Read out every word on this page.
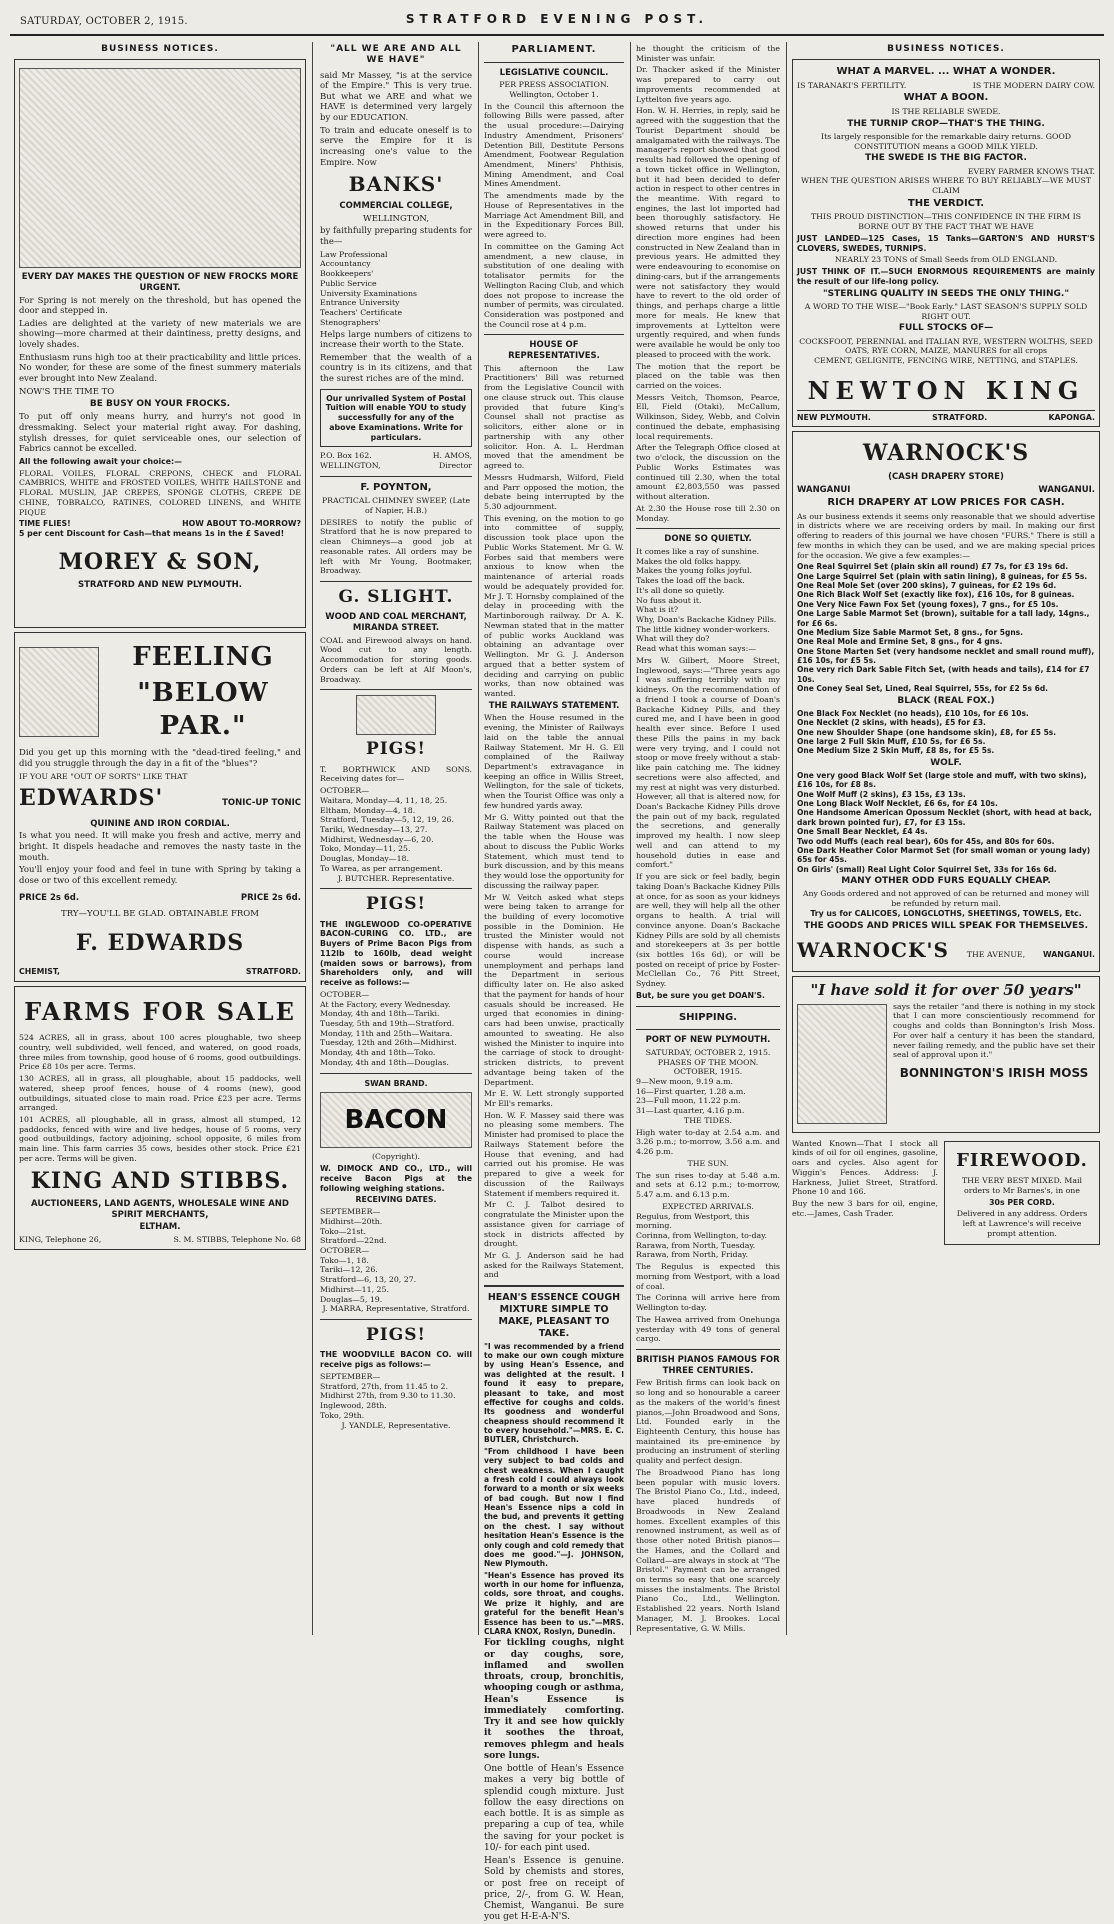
SATURDAY, OCTOBER 2, 1915.	STRATFORD EVENING POST.
BUSINESS NOTICES.
EVERY DAY MAKES THE QUESTION OF NEW FROCKS MORE URGENT.

For Spring is not merely on the threshold, but has opened the door and stepped in.

Ladies are delighted at the variety of new materials we are showing—more charmed at their daintiness, pretty designs, and lovely shades.

Enthusiasm runs high too at their practicability and little prices. No wonder, for these are some of the finest summery materials ever brought into New Zealand.

NOW'S THE TIME TO
BE BUSY ON YOUR FROCKS.

To put off only means hurry, and hurry's not good in dressmaking. Select your material right away. For dashing, stylish dresses, for quiet serviceable ones, our selection of Fabrics cannot be excelled.

All the following await your choice:—

FLORAL VOILES, FLORAL CREPONS, CHECK and FLORAL CAMBRICS, WHITE and FROSTED VOILES, WHITE HAILSTONE and FLORAL MUSLIN, JAP. CREPES, SPONGE CLOTHS, CREPE DE CHINE, TOBRALCO, RATINES, COLORED LINENS, and WHITE PIQUE

TIME FLIES!	HOW ABOUT TO-MORROW?
5 per cent Discount for Cash—that means 1s in the £ Saved!
MOREY & SON,
STRATFORD AND NEW PLYMOUTH.
FEELING
"BELOW PAR."

Did you get up this morning with the "dead-tired feeling," and did you struggle through the day in a fit of the "blues"?

IF YOU ARE "OUT OF SORTS" LIKE THAT
EDWARDS'	TONIC-UP TONIC
QUININE AND IRON CORDIAL.

Is what you need. It will make you fresh and active, merry and bright. It dispels headache and removes the nasty taste in the mouth.

You'll enjoy your food and feel in tune with Spring by taking a dose or two of this excellent remedy.

PRICE 2s 6d.	PRICE 2s 6d.
TRY—YOU'LL BE GLAD. OBTAINABLE FROM
F. EDWARDS
CHEMIST,	STRATFORD.
FARMS FOR SALE

524 ACRES, all in grass, about 100 acres ploughable, two sheep country, well subdivided, well fenced, and watered, on good roads, three miles from township, good house of 6 rooms, good outbuildings. Price £8 10s per acre. Terms.

130 ACRES, all in grass, all ploughable, about 15 paddocks, well watered, sheep proof fences, house of 4 rooms (new), good outbuildings, situated close to main road. Price £23 per acre. Terms arranged.

101 ACRES, all ploughable, all in grass, almost all stumped, 12 paddocks, fenced with wire and live hedges, house of 5 rooms, very good outbuildings, factory adjoining, school opposite, 6 miles from main line. This farm carries 35 cows, besides other stock. Price £21 per acre. Terms will be given.

KING AND STIBBS.
AUCTIONEERS, LAND AGENTS, WHOLESALE WINE AND SPIRIT MERCHANTS,
ELTHAM.
KING, Telephone 26,	S. M. STIBBS, Telephone No. 68
"ALL WE ARE AND ALL WE HAVE"

said Mr Massey, "is at the service of the Empire." This is very true. But what we ARE and what we HAVE is determined very largely by our EDUCATION.

To train and educate oneself is to serve the Empire for it is increasing one's value to the Empire. Now

BANKS'
COMMERCIAL COLLEGE,
WELLINGTON,

by faithfully preparing students for the—

Law Professional
Accountancy
Bookkeepers'
Public Service
University Examinations
Entrance University
Teachers' Certificate
Stenographers'

Helps large numbers of citizens to increase their worth to the State.

Remember that the wealth of a country is in its citizens, and that the surest riches are of the mind.

Our unrivalled System of Postal Tuition will enable YOU to study successfully for any of the above Examinations. Write for particulars.
P.O. Box 162.	H. AMOS,
WELLINGTON,	Director
F. POYNTON,
PRACTICAL CHIMNEY SWEEP, (Late of Napier, H.B.)

DESIRES to notify the public of Stratford that he is now prepared to clean Chimneys—a good job at reasonable rates. All orders may be left with Mr Young, Bootmaker, Broadway.

G. SLIGHT.
WOOD AND COAL MERCHANT, MIRANDA STREET.

COAL and Firewood always on hand. Wood cut to any length. Accommodation for storing goods. Orders can be left at Alf Moon's, Broadway.

PIGS!

T. BORTHWICK AND SONS. Receiving dates for—

OCTOBER—
Waitara, Monday—4, 11, 18, 25.
Eltham, Monday—4, 18.
Stratford, Tuesday—5, 12, 19, 26.
Tariki, Wednesday—13, 27.
Midhirst, Wednesday—6, 20.
Toko, Monday—11, 25.
Douglas, Monday—18.
To Warea, as per arrangement.
J. BUTCHER. Representative.
PIGS!

THE INGLEWOOD CO-OPERATIVE BACON-CURING CO. LTD., are Buyers of Prime Bacon Pigs from 112lb to 160lb, dead weight (maiden sows or barrows), from Shareholders only, and will receive as follows:—

OCTOBER—
At the Factory, every Wednesday.
Monday, 4th and 18th—Tariki.
Tuesday, 5th and 19th—Stratford.
Monday, 11th and 25th—Waitara.
Tuesday, 12th and 26th—Midhirst.
Monday, 4th and 18th—Toko.
Monday, 4th and 18th—Douglas.
SWAN BRAND.
BACON
(Copyright).

W. DIMOCK AND CO., LTD., will receive Bacon Pigs at the following weighing stations.

RECEIVING DATES.
SEPTEMBER—
Midhirst—20th.
Toko—21st.
Stratford—22nd.
OCTOBER—
Toko—1, 18.
Tariki—12, 26.
Stratford—6, 13, 20, 27.
Midhirst—11, 25.
Douglas—5, 19.
J. MARRA, Representative, Stratford.
PIGS!

THE WOODVILLE BACON CO. will receive pigs as follows:—

SEPTEMBER—
Stratford, 27th, from 11.45 to 2.
Midhirst 27th, from 9.30 to 11.30.
Inglewood, 28th.
Toko, 29th.
J. YANDLE, Representative.
PARLIAMENT.
LEGISLATIVE COUNCIL.
PER PRESS ASSOCIATION. Wellington, October 1.

In the Council this afternoon the following Bills were passed, after the usual procedure:—Dairying Industry Amendment, Prisoners' Detention Bill, Destitute Persons Amendment, Footwear Regulation Amendment, Miners' Phthisis, Mining Amendment, and Coal Mines Amendment.

The amendments made by the House of Representatives in the Marriage Act Amendment Bill, and in the Expeditionary Forces Bill, were agreed to.

In committee on the Gaming Act amendment, a new clause, in substitution of one dealing with totalisator permits for the Wellington Racing Club, and which does not propose to increase the number of permits, was circulated. Consideration was postponed and the Council rose at 4 p.m.

HOUSE OF REPRESENTATIVES.

This afternoon the Law Practitioners' Bill was returned from the Legislative Council with one clause struck out. This clause provided that future King's Counsel shall not practise as solicitors, either alone or in partnership with any other solicitor. Hon. A. L. Herdman moved that the amendment be agreed to.

Messrs Hudmarsh, Wilford, Field and Parr opposed the motion, the debate being interrupted by the 5.30 adjournment.

This evening, on the motion to go into committee of supply, discussion took place upon the Public Works Statement. Mr G. W. Forbes said that members were anxious to know when the maintenance of arterial roads would be adequately provided for. Mr J. T. Hornsby complained of the delay in proceeding with the Martinborough railway. Dr A. K. Newman stated that in the matter of public works Auckland was obtaining an advantage over Wellington. Mr G. J. Anderson argued that a better system of deciding and carrying on public works, than now obtained was wanted.

THE RAILWAYS STATEMENT.

When the House resumed in the evening, the Minister of Railways laid on the table the annual Railway Statement. Mr H. G. Ell complained of the Railway Department's extravagance in keeping an office in Willis Street, Wellington, for the sale of tickets, when the Tourist Office was only a few hundred yards away.

Mr G. Witty pointed out that the Railway Statement was placed on the table when the House was about to discuss the Public Works Statement, which must tend to burk discussion, and by this means they would lose the opportunity for discussing the railway paper.

Mr W. Veitch asked what steps were being taken to arrange for the building of every locomotive possible in the Dominion. He trusted the Minister would not dispense with hands, as such a course would increase unemployment and perhaps land the Department in serious difficulty later on. He also asked that the payment for hands of hour casuals should be increased. He urged that economies in dining-cars had been unwise, practically amounted to sweating. He also wished the Minister to inquire into the carriage of stock to drought-stricken districts, to prevent advantage being taken of the Department.

Mr E. W. Lett strongly supported Mr Ell's remarks.

Hon. W. F. Massey said there was no pleasing some members. The Minister had promised to place the Railways Statement before the House that evening, and had carried out his promise. He was prepared to give a week for discussion of the Railways Statement if members required it.

Mr C. J. Talbot desired to congratulate the Minister upon the assistance given for carriage of stock in districts affected by drought.

Mr G. J. Anderson said he had asked for the Railways Statement, and

HEAN'S ESSENCE COUGH MIXTURE SIMPLE TO MAKE, PLEASANT TO TAKE.

"I was recommended by a friend to make our own cough mixture by using Hean's Essence, and was delighted at the result. I found it easy to prepare, pleasant to take, and most effective for coughs and colds. Its goodness and wonderful cheapness should recommend it to every household."—MRS. E. C. BUTLER, Christchurch.

"From childhood I have been very subject to bad colds and chest weakness. When I caught a fresh cold I could always look forward to a month or six weeks of bad cough. But now I find Hean's Essence nips a cold in the bud, and prevents it getting on the chest. I say without hesitation Hean's Essence is the only cough and cold remedy that does me good."—J. JOHNSON, New Plymouth.

"Hean's Essence has proved its worth in our home for influenza, colds, sore throat, and coughs. We prize it highly, and are grateful for the benefit Hean's Essence has been to us."—MRS. CLARA KNOX, Roslyn, Dunedin.

For tickling coughs, night or day coughs, sore, inflamed and swollen throats, croup, bronchitis, whooping cough or asthma, Hean's Essence is immediately comforting. Try it and see how quickly it soothes the throat, removes phlegm and heals sore lungs.

One bottle of Hean's Essence makes a very big bottle of splendid cough mixture. Just follow the easy directions on each bottle. It is as simple as preparing a cup of tea, while the saving for your pocket is 10/- for each pint used.

Hean's Essence is genuine. Sold by chemists and stores, or post free on receipt of price, 2/-, from G. W. Hean, Chemist, Wanganui. Be sure you get H-E-A-N'S.

he thought the criticism of the Minister was unfair.

Dr. Thacker asked if the Minister was prepared to carry out improvements recommended at Lyttelton five years ago.

Hon. W. H. Herries, in reply, said he agreed with the suggestion that the Tourist Department should be amalgamated with the railways. The manager's report showed that good results had followed the opening of a town ticket office in Wellington, but it had been decided to defer action in respect to other centres in the meantime. With regard to engines, the last lot imported had been thoroughly satisfactory. He showed returns that under his direction more engines had been constructed in New Zealand than in previous years. He admitted they were endeavouring to economise on dining-cars, but if the arrangements were not satisfactory they would have to revert to the old order of things, and perhaps charge a little more for meals. He knew that improvements at Lyttelton were urgently required, and when funds were available he would be only too pleased to proceed with the work.

The motion that the report be placed on the table was then carried on the voices.

Messrs Veitch, Thomson, Pearce, Ell, Field (Otaki), McCallum, Wilkinson, Sidey, Webb, and Colvin continued the debate, emphasising local requirements.

After the Telegraph Office closed at two o'clock, the discussion on the Public Works Estimates was continued till 2.30, when the total amount £2,803,550 was passed without alteration.

At 2.30 the House rose till 2.30 on Monday.

DONE SO QUIETLY.
It comes like a ray of sunshine.
Makes the old folks happy.
Makes the young folks joyful.
Takes the load off the back.
It's all done so quietly.
No fuss about it.
What is it?
Why, Doan's Backache Kidney Pills.
The little kidney wonder-workers.
What will they do?
Read what this woman says:—

Mrs W. Gilbert, Moore Street, Inglewood, says:—"Three years ago I was suffering terribly with my kidneys. On the recommendation of a friend I took a course of Doan's Backache Kidney Pills, and they cured me, and I have been in good health ever since. Before I used these Pills the pains in my back were very trying, and I could not stoop or move freely without a stab-like pain catching me. The kidney secretions were also affected, and my rest at night was very disturbed. However, all that is altered now, for Doan's Backache Kidney Pills drove the pain out of my back, regulated the secretions, and generally improved my health. I now sleep well and can attend to my household duties in ease and comfort."

If you are sick or feel badly, begin taking Doan's Backache Kidney Pills at once, for as soon as your kidneys are well, they will help all the other organs to health. A trial will convince anyone. Doan's Backache Kidney Pills are sold by all chemists and storekeepers at 3s per bottle (six bottles 16s 6d), or will be posted on receipt of price by Foster-McClellan Co., 76 Pitt Street, Sydney.

But, be sure you get DOAN'S.

SHIPPING.
PORT OF NEW PLYMOUTH.
SATURDAY, OCTOBER 2, 1915.
PHASES OF THE MOON.
OCTOBER, 1915.
9—New moon, 9.19 a.m.
16—First quarter, 1.28 a.m.
23—Full moon, 11.22 p.m.
31—Last quarter, 4.16 p.m.
THE TIDES.

High water to-day at 2.54 a.m. and 3.26 p.m.; to-morrow, 3.56 a.m. and 4.26 p.m.

THE SUN.

The sun rises to-day at 5.48 a.m. and sets at 6.12 p.m.; to-morrow, 5.47 a.m. and 6.13 p.m.

EXPECTED ARRIVALS.
Regulus, from Westport, this morning.
Corinna, from Wellington, to-day.
Rarawa, from North, Tuesday.
Rarawa, from North, Friday.

The Regulus is expected this morning from Westport, with a load of coal.

The Corinna will arrive here from Wellington to-day.

The Hawea arrived from Onehunga yesterday with 49 tons of general cargo.

BRITISH PIANOS FAMOUS FOR THREE CENTURIES.

Few British firms can look back on so long and so honourable a career as the makers of the world's finest pianos,—John Broadwood and Sons, Ltd. Founded early in the Eighteenth Century, this house has maintained its pre-eminence by producing an instrument of sterling quality and perfect design.

The Broadwood Piano has long been popular with music lovers. The Bristol Piano Co., Ltd., indeed, have placed hundreds of Broadwoods in New Zealand homes. Excellent examples of this renowned instrument, as well as of those other noted British pianos—the Hames, and the Collard and Collard—are always in stock at "The Bristol." Payment can be arranged on terms so easy that one scarcely misses the instalments. The Bristol Piano Co., Ltd., Wellington. Established 22 years. North Island Manager, M. J. Brookes. Local Representative, G. W. Mills.

BUSINESS NOTICES.
WHAT A MARVEL. ... WHAT A WONDER.
IS TARANAKI'S FERTILITY.	IS THE MODERN DAIRY COW.
WHAT A BOON.
IS THE RELIABLE SWEDE.
THE TURNIP CROP—THAT'S THE THING.
Its largely responsible for the remarkable dairy returns. GOOD CONSTITUTION means a GOOD MILK YIELD.
THE SWEDE IS THE BIG FACTOR.
EVERY FARMER KNOWS THAT.
WHEN THE QUESTION ARISES WHERE TO BUY RELIABLY—WE MUST CLAIM
THE VERDICT.
THIS PROUD DISTINCTION—THIS CONFIDENCE IN THE FIRM IS BORNE OUT BY THE FACT THAT WE HAVE

JUST LANDED—125 Cases, 15 Tanks—GARTON'S AND HURST'S CLOVERS, SWEDES, TURNIPS.

NEARLY 23 TONS of Small Seeds from OLD ENGLAND.

JUST THINK OF IT.—SUCH ENORMOUS REQUIREMENTS are mainly the result of our life-long policy.

"STERLING QUALITY IN SEEDS THE ONLY THING."
A WORD TO THE WISE—"Book Early." LAST SEASON'S SUPPLY SOLD RIGHT OUT.
FULL STOCKS OF—
COCKSFOOT, PERENNIAL and ITALIAN RYE, WESTERN WOLTHS, SEED OATS, RYE CORN, MAIZE, MANURES for all crops
CEMENT, GELIGNITE, FENCING WIRE, NETTING, and STAPLES.
NEWTON KING
NEW PLYMOUTH.	STRATFORD.	KAPONGA.
WARNOCK'S
(CASH DRAPERY STORE)
WANGANUI	WANGANUI.
RICH DRAPERY AT LOW PRICES FOR CASH.

As our business extends it seems only reasonable that we should advertise in districts where we are receiving orders by mail. In making our first offering to readers of this journal we have chosen "FURS." There is still a few months in which they can be used, and we are making special prices for the occasion. We give a few examples:—

One Real Squirrel Set (plain skin all round) £7 7s, for £3 19s 6d.
One Large Squirrel Set (plain with satin lining), 8 guineas, for £5 5s.
One Real Mole Set (over 200 skins), 7 guineas, for £2 19s 6d.
One Rich Black Wolf Set (exactly like fox), £16 10s, for 8 guineas.
One Very Nice Fawn Fox Set (young foxes), 7 gns., for £5 10s.
One Large Sable Marmot Set (brown), suitable for a tall lady, 14gns., for £6 6s.
One Medium Size Sable Marmot Set, 8 gns., for 5gns.
One Real Mole and Ermine Set, 8 gns., for 4 gns.
One Stone Marten Set (very handsome necklet and small round muff), £16 10s, for £5 5s.
One very rich Dark Sable Fitch Set, (with heads and tails), £14 for £7 10s.
One Coney Seal Set, Lined, Real Squirrel, 55s, for £2 5s 6d.
BLACK (REAL FOX.)
One Black Fox Necklet (no heads), £10 10s, for £6 10s.
One Necklet (2 skins, with heads), £5 for £3.
One new Shoulder Shape (one handsome skin), £8, for £5 5s.
One large 2 Full Skin Muff, £10 5s, for £6 5s.
One Medium Size 2 Skin Muff, £8 8s, for £5 5s.
WOLF.
One very good Black Wolf Set (large stole and muff, with two skins), £16 10s, for £8 8s.
One Wolf Muff (2 skins), £3 15s, £3 13s.
One Long Black Wolf Necklet, £6 6s, for £4 10s.
One Handsome American Opossum Necklet (short, with head at back, dark brown pointed fur), £7, for £3 15s.
One Small Bear Necklet, £4 4s.
Two odd Muffs (each real bear), 60s for 45s, and 80s for 60s.
One Dark Heather Color Marmot Set (for small woman or young lady) 65s for 45s.
On Girls' (small) Real Light Color Squirrel Set, 33s for 16s 6d.
MANY OTHER ODD FURS EQUALLY CHEAP.
Any Goods ordered and not approved of can be returned and money will be refunded by return mail.
Try us for CALICOES, LONGCLOTHS, SHEETINGS, TOWELS, Etc.
THE GOODS AND PRICES WILL SPEAK FOR THEMSELVES.
WARNOCK'S THE AVENUE, WANGANUI.
"I have sold it for over 50 years"

says the retailer "and there is nothing in my stock that I can more conscientiously recommend for coughs and colds than Bonnington's Irish Moss. For over half a century it has been the standard, never failing remedy, and the public have set their seal of approval upon it."

BONNINGTON'S IRISH MOSS

Wanted Known—That I stock all kinds of oil for oil engines, gasoline, oars and cycles. Also agent for Wiggin's Fences. Address: J. Harkness, Juliet Street, Stratford. Phone 10 and 166.

Buy the new 3 bars for oil, engine, etc.—James, Cash Trader.

FIREWOOD.

THE VERY BEST MIXED. Mail orders to Mr Barnes's, in one

30s PER CORD.

Delivered in any address. Orders left at Lawrence's will receive prompt attention.
